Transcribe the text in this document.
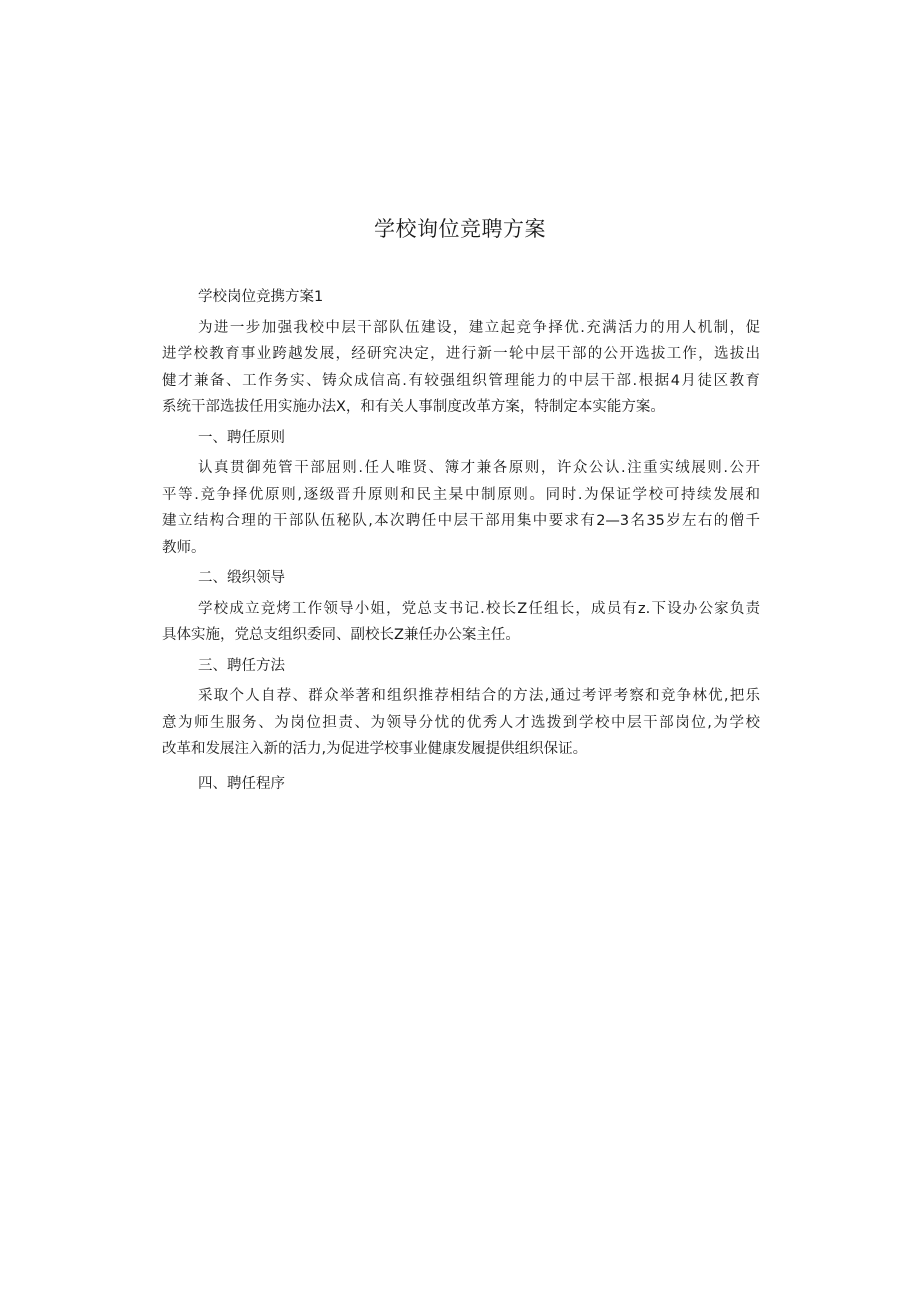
学校询位竞聘方案
学校岗位竞携方案1
为进一步加强我校中层干部队伍建设，建立起竞争择优.充满活力的用人机制，促
进学校教育事业跨越发展，经研究决定，进行新一轮中层干部的公开选拔工作，选拔出
健才兼备、工作务实、铸众成信高.有较强组织管理能力的中层干部.根据4月徒区教育
系统干部选拔任用实施办法X，和有关人事制度改革方案，特制定本实能方案。
一、聘任原则
认真贯御苑管干部屈则.任人唯贤、簿才兼各原则，许众公认.注重实绒展则.公开
平等.竞争择优原则,逐级晋升原则和民主杲中制原则。同时.为保证学校可持续发展和
建立结构合理的干部队伍秘队,本次聘任中层干部用集中要求有2—3名35岁左右的僧千
教师。
二、缎织领导
学校成立竞烤工作领导小姐，党总支书记.校长Z任组长，成员有z.下设办公家负责
具体实施，党总支组织委同、副校长Z兼任办公案主任。
三、聘任方法
采取个人自荐、群众举著和组织推荐相结合的方法,通过考评考察和竞争林优,把乐
意为师生服务、为岗位担责、为领导分忧的优秀人才选拨到学校中层干部岗位,为学校
改革和发展注入新的活力,为促进学校事业健康发履提供组织保证。
四、聘任程序
